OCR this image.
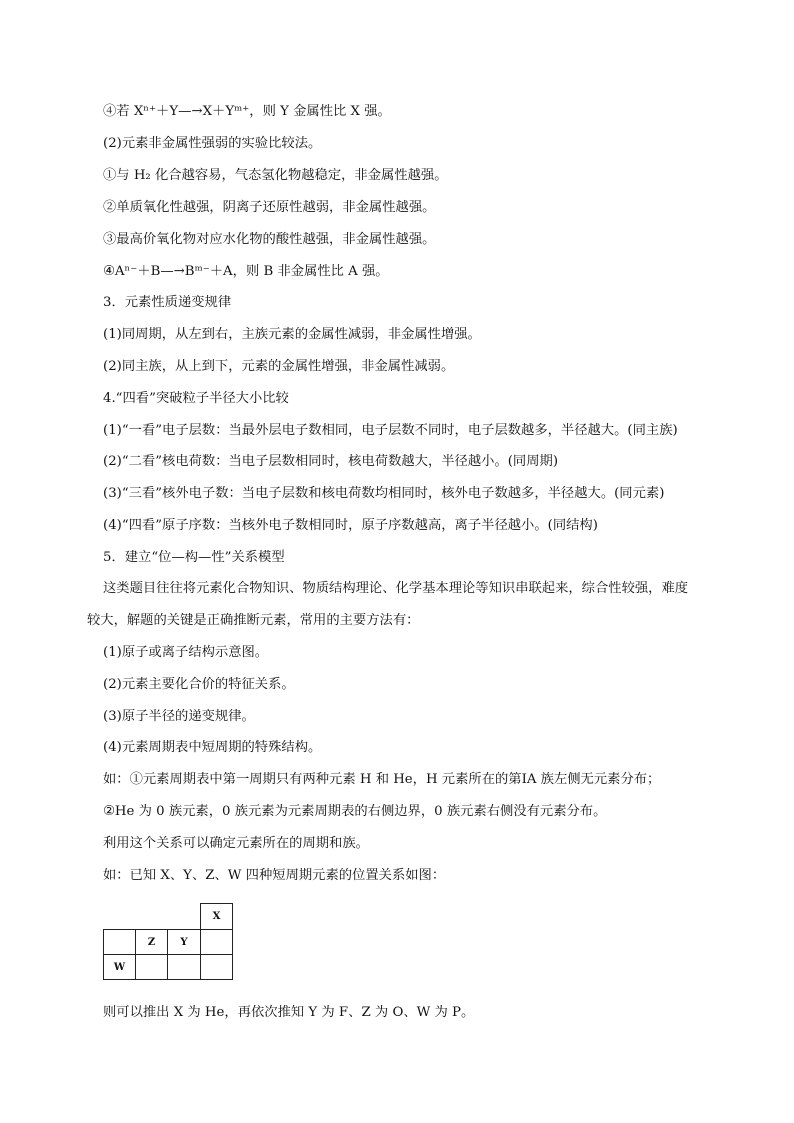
④若 Xⁿ⁺＋Y—→X＋Yᵐ⁺，则 Y 金属性比 X 强。
(2)元素非金属性强弱的实验比较法。
①与 H₂ 化合越容易，气态氢化物越稳定，非金属性越强。
②单质氧化性越强，阴离子还原性越弱，非金属性越强。
③最高价氧化物对应水化物的酸性越强，非金属性越强。
④Aⁿ⁻＋B—→Bᵐ⁻＋A，则 B 非金属性比 A 强。
3．元素性质递变规律
(1)同周期，从左到右，主族元素的金属性减弱，非金属性增强。
(2)同主族，从上到下，元素的金属性增强，非金属性减弱。
4.“四看”突破粒子半径大小比较
(1)“一看”电子层数：当最外层电子数相同，电子层数不同时，电子层数越多，半径越大。(同主族)
(2)“二看”核电荷数：当电子层数相同时，核电荷数越大，半径越小。(同周期)
(3)“三看”核外电子数：当电子层数和核电荷数均相同时，核外电子数越多，半径越大。(同元素)
(4)“四看”原子序数：当核外电子数相同时，原子序数越高，离子半径越小。(同结构)
5．建立“位—构—性”关系模型
这类题目往往将元素化合物知识、物质结构理论、化学基本理论等知识串联起来，综合性较强，难度
较大，解题的关键是正确推断元素，常用的主要方法有：
(1)原子或离子结构示意图。
(2)元素主要化合价的特征关系。
(3)原子半径的递变规律。
(4)元素周期表中短周期的特殊结构。
如：①元素周期表中第一周期只有两种元素 H 和 He，H 元素所在的第ⅠA 族左侧无元素分布；
②He 为 0 族元素，0 族元素为元素周期表的右侧边界，0 族元素右侧没有元素分布。
利用这个关系可以确定元素所在的周期和族。
如：已知 X、Y、Z、W 四种短周期元素的位置关系如图：
X
Z	Y
W
则可以推出 X 为 He，再依次推知 Y 为 F、Z 为 O、W 为 P。
